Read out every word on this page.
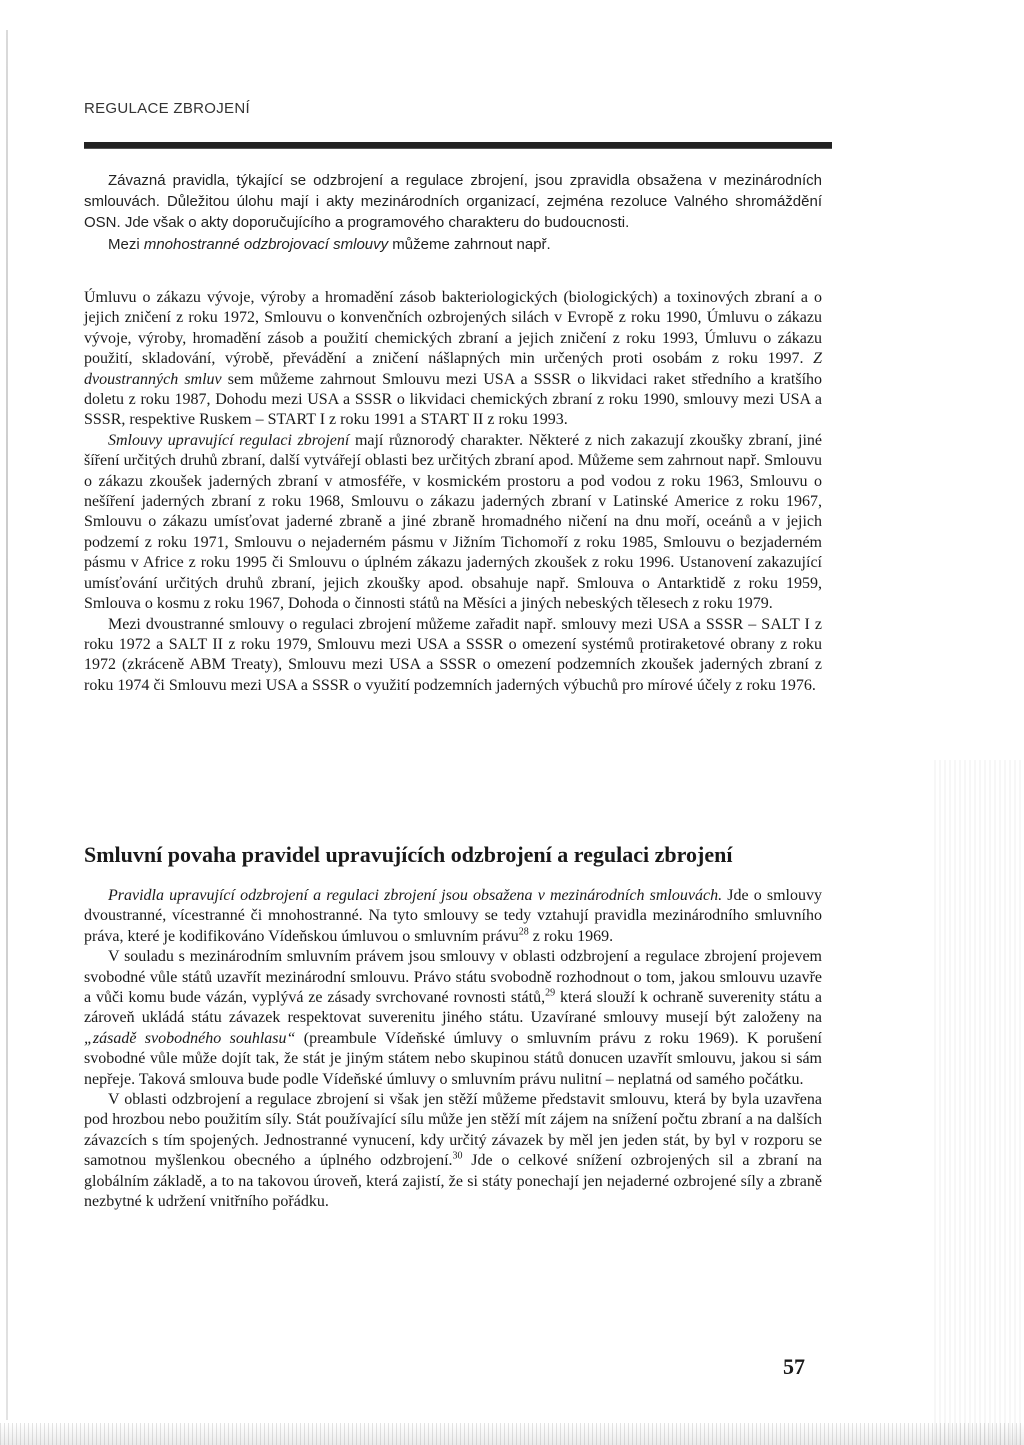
REGULACE ZBROJENÍ

Závazná pravidla, týkající se odzbrojení a regulace zbrojení, jsou zpravidla obsažena v mezinárodních smlouvách. Důležitou úlohu mají i akty mezinárodních organizací, zejména rezoluce Valného shromáždění OSN. Jde však o akty doporučujícího a programového charakteru do budoucnosti.

Mezi mnohostranné odzbrojovací smlouvy můžeme zahrnout např.

Úmluvu o zákazu vývoje, výroby a hromadění zásob bakteriologických (biologických) a toxinových zbraní a o jejich zničení z roku 1972, Smlouvu o konvenčních ozbrojených silách v Evropě z roku 1990, Úmluvu o zákazu vývoje, výroby, hromadění zásob a použití chemických zbraní a jejich zničení z roku 1993, Úmluvu o zákazu použití, skladování, výrobě, převádění a zničení nášlapných min určených proti osobám z roku 1997. Z dvoustranných smluv sem můžeme zahrnout Smlouvu mezi USA a SSSR o likvidaci raket středního a kratšího doletu z roku 1987, Dohodu mezi USA a SSSR o likvidaci chemických zbraní z roku 1990, smlouvy mezi USA a SSSR, respektive Ruskem – START I z roku 1991 a START II z roku 1993.

Smlouvy upravující regulaci zbrojení mají různorodý charakter. Některé z nich zakazují zkoušky zbraní, jiné šíření určitých druhů zbraní, další vytvářejí oblasti bez určitých zbraní apod. Můžeme sem zahrnout např. Smlouvu o zákazu zkoušek jaderných zbraní v atmosféře, v kosmickém prostoru a pod vodou z roku 1963, Smlouvu o nešíření jaderných zbraní z roku 1968, Smlouvu o zákazu jaderných zbraní v Latinské Americe z roku 1967, Smlouvu o zákazu umísťovat jaderné zbraně a jiné zbraně hromadného ničení na dnu moří, oceánů a v jejich podzemí z roku 1971, Smlouvu o nejaderném pásmu v Jižním Tichomoří z roku 1985, Smlouvu o bezjaderném pásmu v Africe z roku 1995 či Smlouvu o úplném zákazu jaderných zkoušek z roku 1996. Ustanovení zakazující umísťování určitých druhů zbraní, jejich zkoušky apod. obsahuje např. Smlouva o Antarktidě z roku 1959, Smlouva o kosmu z roku 1967, Dohoda o činnosti států na Měsíci a jiných nebeských tělesech z roku 1979.

Mezi dvoustranné smlouvy o regulaci zbrojení můžeme zařadit např. smlouvy mezi USA a SSSR – SALT I z roku 1972 a SALT II z roku 1979, Smlouvu mezi USA a SSSR o omezení systémů protiraketové obrany z roku 1972 (zkráceně ABM Treaty), Smlouvu mezi USA a SSSR o omezení podzemních zkoušek jaderných zbraní z roku 1974 či Smlouvu mezi USA a SSSR o využití podzemních jaderných výbuchů pro mírové účely z roku 1976.

Smluvní povaha pravidel upravujících odzbrojení a regulaci zbrojení

Pravidla upravující odzbrojení a regulaci zbrojení jsou obsažena v mezinárodních smlouvách. Jde o smlouvy dvoustranné, vícestranné či mnohostranné. Na tyto smlouvy se tedy vztahují pravidla mezinárodního smluvního práva, které je kodifikováno Vídeňskou úmluvou o smluvním právu$^{28}$ z roku 1969.

V souladu s mezinárodním smluvním právem jsou smlouvy v oblasti odzbrojení a regulace zbrojení projevem svobodné vůle států uzavřít mezinárodní smlouvu. Právo státu svobodně rozhodnout o tom, jakou smlouvu uzavře a vůči komu bude vázán, vyplývá ze zásady svrchované rovnosti států,$^{29}$ která slouží k ochraně suverenity státu a zároveň ukládá státu závazek respektovat suverenitu jiného státu. Uzavírané smlouvy musejí být založeny na „zásadě svobodného souhlasu“ (preambule Vídeňské úmluvy o smluvním právu z roku 1969). K porušení svobodné vůle může dojít tak, že stát je jiným státem nebo skupinou států donucen uzavřít smlouvu, jakou si sám nepřeje. Taková smlouva bude podle Vídeňské úmluvy o smluvním právu nulitní – neplatná od samého počátku.

V oblasti odzbrojení a regulace zbrojení si však jen stěží můžeme představit smlouvu, která by byla uzavřena pod hrozbou nebo použitím síly. Stát používající sílu může jen stěží mít zájem na snížení počtu zbraní a na dalších závazcích s tím spojených. Jednostranné vynucení, kdy určitý závazek by měl jen jeden stát, by byl v rozporu se samotnou myšlenkou obecného a úplného odzbrojení.$^{30}$ Jde o celkové snížení ozbrojených sil a zbraní na globálním základě, a to na takovou úroveň, která zajistí, že si státy ponechají jen nejaderné ozbrojené síly a zbraně nezbytné k udržení vnitřního pořádku.

57
